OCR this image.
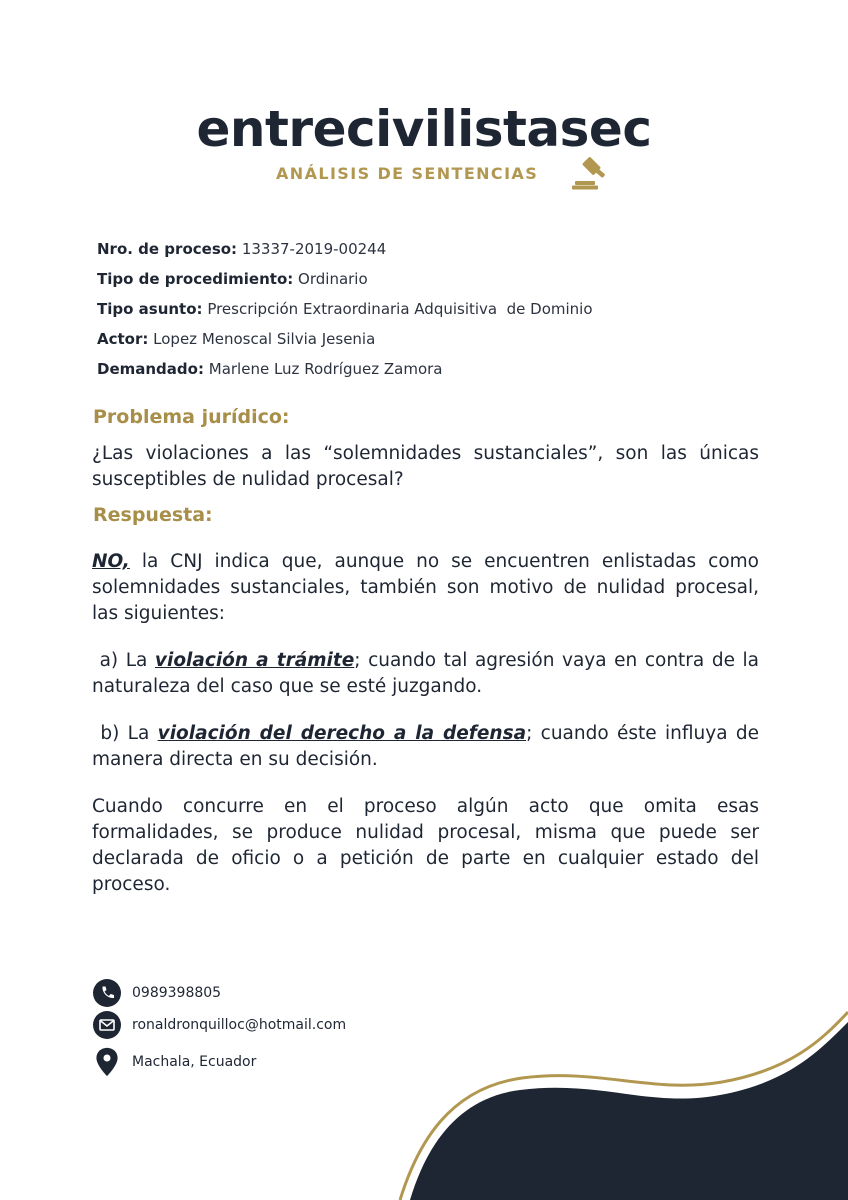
entrecivilistasec
ANÁLISIS DE SENTENCIAS
Nro. de proceso: 13337-2019-00244
Tipo de procedimiento: Ordinario
Tipo asunto: Prescripción Extraordinaria Adquisitiva  de Dominio
Actor: Lopez Menoscal Silvia Jesenia
Demandado: Marlene Luz Rodríguez Zamora
Problema jurídico:

¿Las violaciones a las “solemnidades sustanciales”, son las únicas susceptibles de nulidad procesal?

Respuesta:

NO, la CNJ indica que, aunque no se encuentren enlistadas como solemnidades sustanciales, también son motivo de nulidad procesal, las siguientes:

a) La violación a trámite; cuando tal agresión vaya en contra de la naturaleza del caso que se esté juzgando.

b) La violación del derecho a la defensa; cuando éste influya de manera directa en su decisión.

Cuando concurre en el proceso algún acto que omita esas formalidades, se produce nulidad procesal, misma que puede ser declarada de oficio o a petición de parte en cualquier estado del proceso.

0989398805
ronaldronquilloc@hotmail.com
Machala, Ecuador
